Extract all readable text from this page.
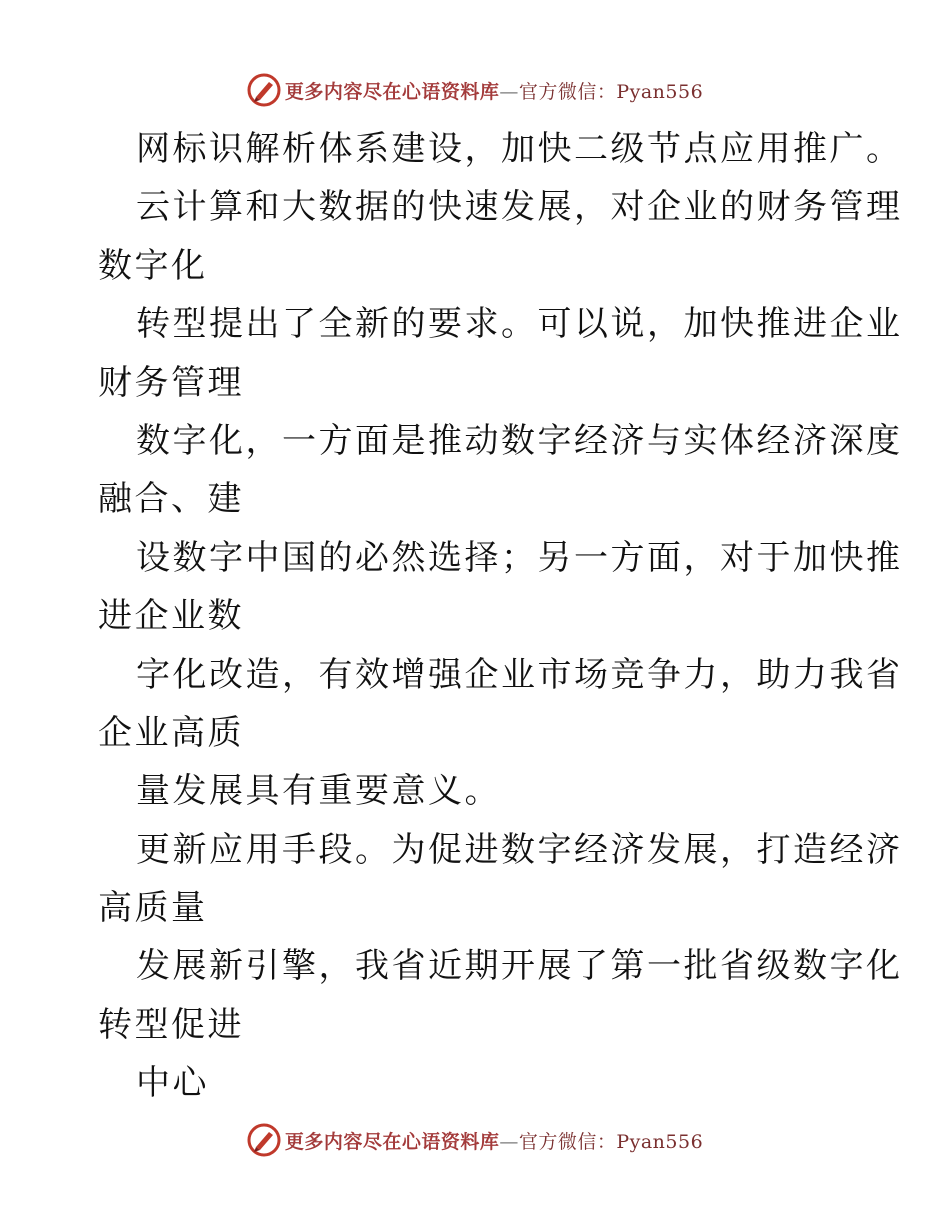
更多内容尽在心语资料库—官方微信：Pyan556
网标识解析体系建设，加快二级节点应用推广。
云计算和大数据的快速发展，对企业的财务管理
数字化
转型提出了全新的要求。可以说，加快推进企业
财务管理
数字化，一方面是推动数字经济与实体经济深度
融合、建
设数字中国的必然选择；另一方面，对于加快推
进企业数
字化改造，有效增强企业市场竞争力，助力我省
企业高质
量发展具有重要意义。
更新应用手段。为促进数字经济发展，打造经济
高质量
发展新引擎，我省近期开展了第一批省级数字化
转型促进
中心
更多内容尽在心语资料库—官方微信：Pyan556
